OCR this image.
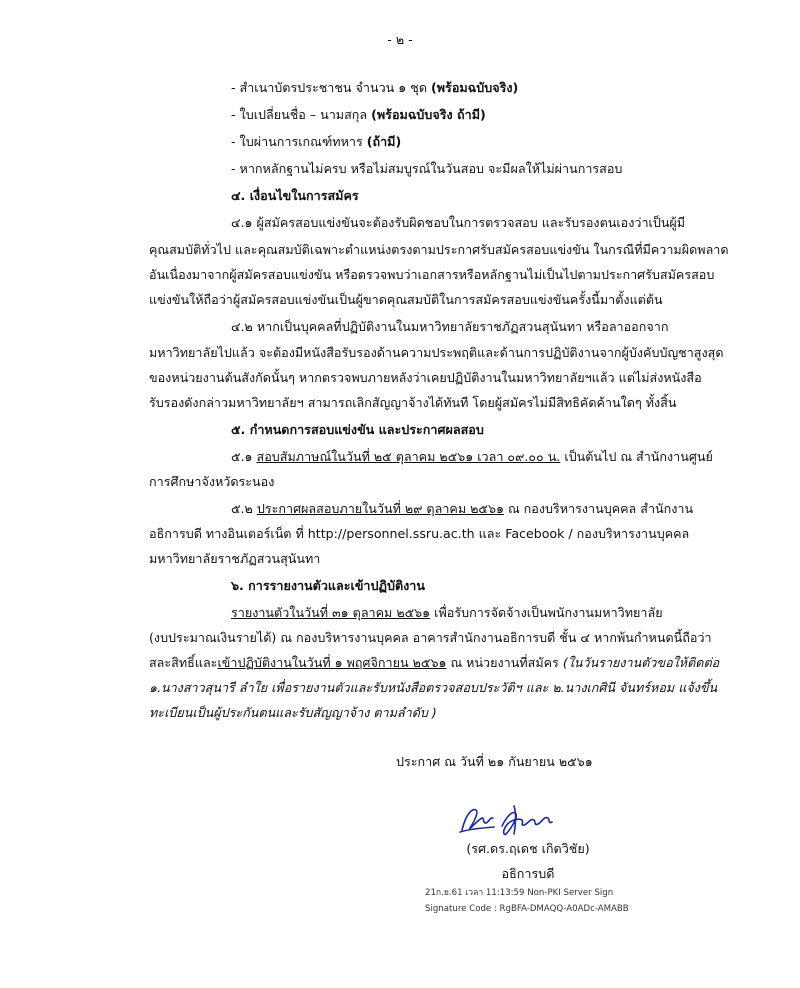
- ๒ -
- สำเนาบัตรประชาชน จำนวน ๑ ชุด (พร้อมฉบับจริง)
- ใบเปลี่ยนชื่อ – นามสกุล (พร้อมฉบับจริง ถ้ามี)
- ใบผ่านการเกณฑ์ทหาร (ถ้ามี)
- หากหลักฐานไม่ครบ หรือไม่สมบูรณ์ในวันสอบ จะมีผลให้ไม่ผ่านการสอบ
๔. เงื่อนไขในการสมัคร
๔.๑ ผู้สมัครสอบแข่งขันจะต้องรับผิดชอบในการตรวจสอบ และรับรองตนเองว่าเป็นผู้มี
คุณสมบัติทั่วไป และคุณสมบัติเฉพาะตำแหน่งตรงตามประกาศรับสมัครสอบแข่งขัน ในกรณีที่มีความผิดพลาด
อันเนื่องมาจากผู้สมัครสอบแข่งขัน หรือตรวจพบว่าเอกสารหรือหลักฐานไม่เป็นไปตามประกาศรับสมัครสอบ
แข่งขันให้ถือว่าผู้สมัครสอบแข่งขันเป็นผู้ขาดคุณสมบัติในการสมัครสอบแข่งขันครั้งนี้มาตั้งแต่ต้น
๔.๒ หากเป็นบุคคลที่ปฏิบัติงานในมหาวิทยาลัยราชภัฏสวนสุนันทา หรือลาออกจาก
มหาวิทยาลัยไปแล้ว จะต้องมีหนังสือรับรองด้านความประพฤติและด้านการปฏิบัติงานจากผู้บังคับบัญชาสูงสุด
ของหน่วยงานต้นสังกัดนั้นๆ หากตรวจพบภายหลังว่าเคยปฏิบัติงานในมหาวิทยาลัยฯแล้ว แต่ไม่ส่งหนังสือ
รับรองดังกล่าวมหาวิทยาลัยฯ สามารถเลิกสัญญาจ้างได้ทันที โดยผู้สมัครไม่มีสิทธิคัดค้านใดๆ ทั้งสิ้น
๕. กำหนดการสอบแข่งขัน และประกาศผลสอบ
๕.๑ สอบสัมภาษณ์ในวันที่ ๒๕ ตุลาคม ๒๕๖๑ เวลา ๐๙.๐๐ น. เป็นต้นไป ณ สำนักงานศูนย์
การศึกษาจังหวัดระนอง
๕.๒ ประกาศผลสอบภายในวันที่ ๒๙ ตุลาคม ๒๕๖๑ ณ กองบริหารงานบุคคล สำนักงาน
อธิการบดี ทางอินเตอร์เน็ต ที่ http://personnel.ssru.ac.th และ Facebook / กองบริหารงานบุคคล
มหาวิทยาลัยราชภัฏสวนสุนันทา
๖. การรายงานตัวและเข้าปฏิบัติงาน
รายงานตัวในวันที่ ๓๑ ตุลาคม ๒๕๖๑ เพื่อรับการจัดจ้างเป็นพนักงานมหาวิทยาลัย
(งบประมาณเงินรายได้) ณ กองบริหารงานบุคคล อาคารสำนักงานอธิการบดี ชั้น ๔ หากพ้นกำหนดนี้ถือว่า
สละสิทธิ์และเข้าปฏิบัติงานในวันที่ ๑ พฤศจิกายน ๒๕๖๑ ณ หน่วยงานที่สมัคร (ในวันรายงานตัวขอให้ติดต่อ
๑.นางสาวสุนารี ลำใย เพื่อรายงานตัวและรับหนังสือตรวจสอบประวัติฯ และ ๒.นางเกศินี จันทร์หอม แจ้งขึ้น
ทะเบียนเป็นผู้ประกันตนและรับสัญญาจ้าง ตามลำดับ )
ประกาศ ณ วันที่ ๒๑ กันยายน ๒๕๖๑
(รศ.ดร.ฤเดช เกิดวิชัย)
อธิการบดี
21ก.ย.61 เวลา 11:13:59 Non-PKI Server Sign
Signature Code : RgBFA-DMAQQ-A0ADc-AMABB
